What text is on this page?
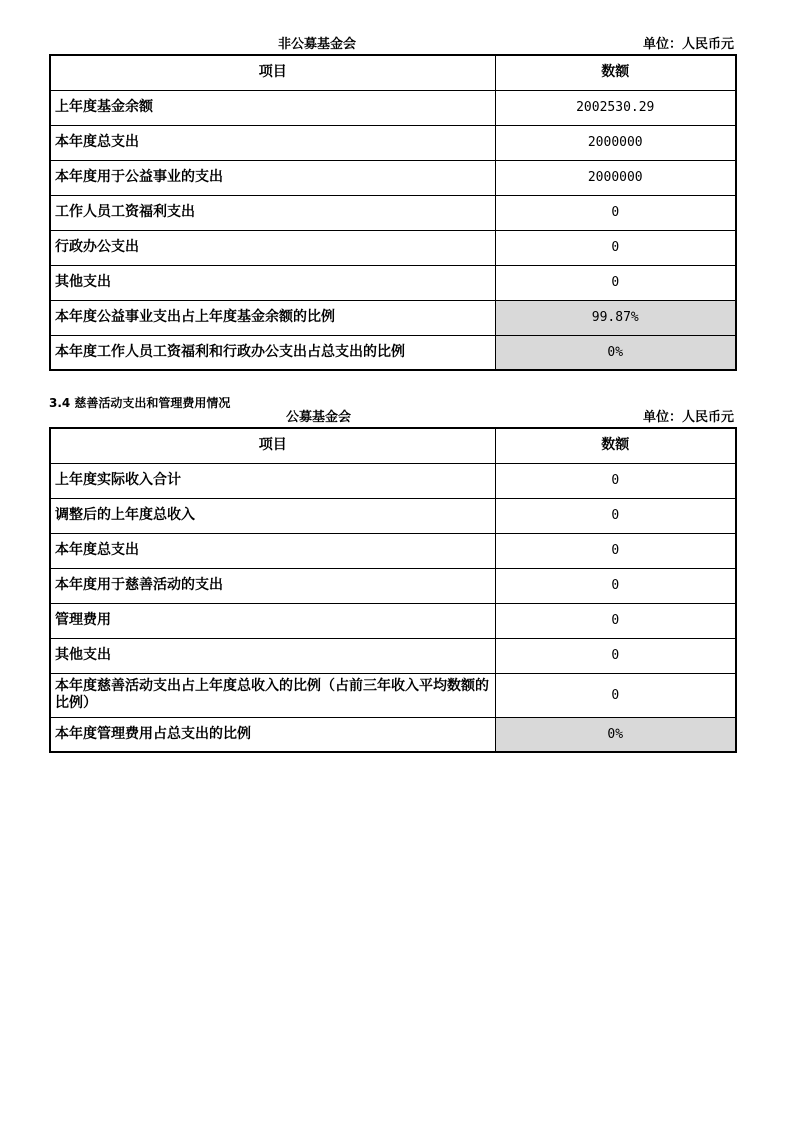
非公募基金会	单位：人民币元
项目	数额
上年度基金余额	2002530.29
本年度总支出	2000000
本年度用于公益事业的支出	2000000
工作人员工资福利支出	0
行政办公支出	0
其他支出	0
本年度公益事业支出占上年度基金余额的比例	99.87%
本年度工作人员工资福利和行政办公支出占总支出的比例	0%
3.4 慈善活动支出和管理费用情况
公募基金会	单位：人民币元
项目	数额
上年度实际收入合计	0
调整后的上年度总收入	0
本年度总支出	0
本年度用于慈善活动的支出	0
管理费用	0
其他支出	0
本年度慈善活动支出占上年度总收入的比例（占前三年收入平均数额的比例）	0
本年度管理费用占总支出的比例	0%
